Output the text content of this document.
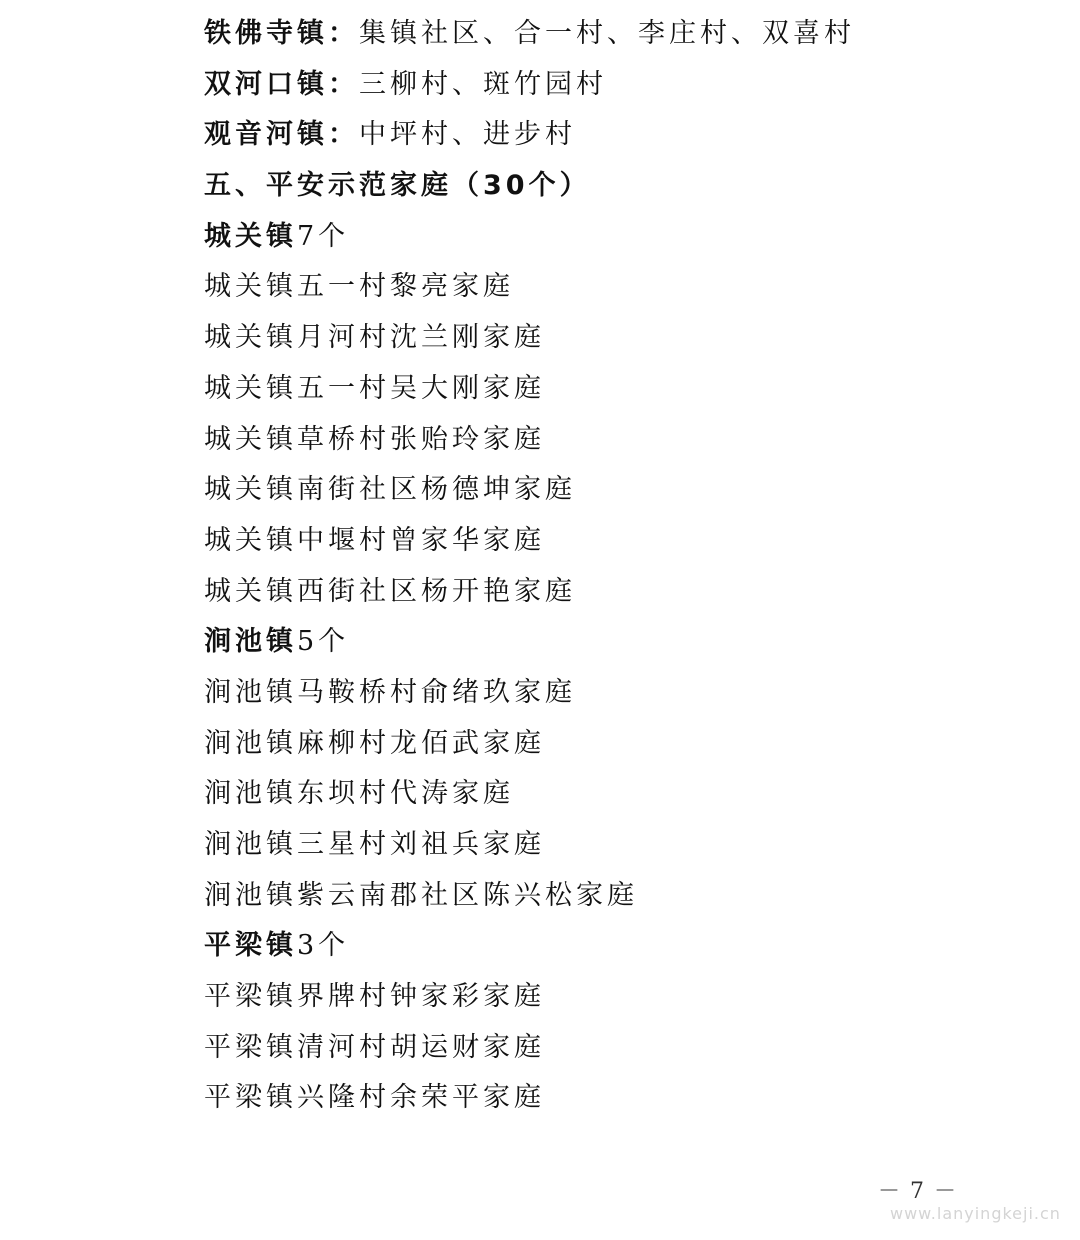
铁佛寺镇：集镇社区、合一村、李庄村、双喜村
双河口镇：三柳村、斑竹园村
观音河镇：中坪村、进步村
五、平安示范家庭（30个）
城关镇7个
城关镇五一村黎亮家庭
城关镇月河村沈兰刚家庭
城关镇五一村吴大刚家庭
城关镇草桥村张贻玲家庭
城关镇南街社区杨德坤家庭
城关镇中堰村曾家华家庭
城关镇西街社区杨开艳家庭
涧池镇5个
涧池镇马鞍桥村俞绪玖家庭
涧池镇麻柳村龙佰武家庭
涧池镇东坝村代涛家庭
涧池镇三星村刘祖兵家庭
涧池镇紫云南郡社区陈兴松家庭
平梁镇3个
平梁镇界牌村钟家彩家庭
平梁镇清河村胡运财家庭
平梁镇兴隆村余荣平家庭
－7－
www.lanyingkeji.cn
